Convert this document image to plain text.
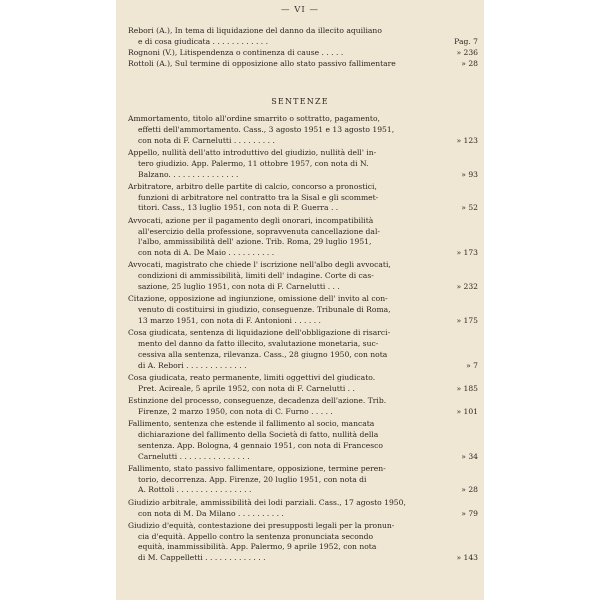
— VI —
Rebori (A.), In tema di liquidazione del danno da illecito aquiliano
e di cosa giudicata . . . . . . . . . . . .	Pag. 7
Rognoni (V.), Litispendenza o continenza di cause . . . . .	» 236
Rottoli (A.), Sul termine di opposizione allo stato passivo fallimentare	» 28
SENTENZE
Ammortamento, titolo all'ordine smarrito o sottratto, pagamento,
effetti dell'ammortamento. Cass., 3 agosto 1951 e 13 agosto 1951,
con nota di F. Carnelutti . . . . . . . . .	» 123
Appello, nullità dell'atto introduttivo del giudizio, nullità dell' in-
tero giudizio. App. Palermo, 11 ottobre 1957, con nota di N.
Balzano. . . . . . . . . . . . . . .	» 93
Arbitratore, arbitro delle partite di calcio, concorso a pronostici,
funzioni di arbitratore nel contratto tra la Sisal e gli scommet-
titori. Cass., 13 luglio 1951, con nota di P. Guerra . .	» 52
Avvocati, azione per il pagamento degli onorari, incompatibilità
all'esercizio della professione, sopravvenuta cancellazione dal-
l'albo, ammissibilità dell' azione. Trib. Roma, 29 luglio 1951,
con nota di A. De Maio . . . . . . . . . .	» 173
Avvocati, magistrato che chiede l' iscrizione nell'albo degli avvocati,
condizioni di ammissibilità, limiti dell' indagine. Corte di cas-
sazione, 25 luglio 1951, con nota di F. Carnelutti . . .	» 232
Citazione, opposizione ad ingiunzione, omissione dell' invito al con-
venuto di costituirsi in giudizio, conseguenze. Tribunale di Roma,
13 marzo 1951, con nota di F. Antonioni . . . . . .	» 175
Cosa giudicata, sentenza di liquidazione dell'obbligazione di risarci-
mento del danno da fatto illecito, svalutazione monetaria, suc-
cessiva alla sentenza, rilevanza. Cass., 28 giugno 1950, con nota
di A. Rebori . . . . . . . . . . . . .	» 7
Cosa giudicata, reato permanente, limiti oggettivi del giudicato.
Pret. Acireale, 5 aprile 1952, con nota di F. Carnelutti . .	» 185
Estinzione del processo, conseguenze, decadenza dell'azione. Trib.
Firenze, 2 marzo 1950, con nota di C. Furno . . . . .	» 101
Fallimento, sentenza che estende il fallimento al socio, mancata
dichiarazione del fallimento della Società di fatto, nullità della
sentenza. App. Bologna, 4 gennaio 1951, con nota di Francesco
Carnelutti . . . . . . . . . . . . . . .	» 34
Fallimento, stato passivo fallimentare, opposizione, termine peren-
torio, decorrenza. App. Firenze, 20 luglio 1951, con nota di
A. Rottoli . . . . . . . . . . . . . . . .	» 28
Giudizio arbitrale, ammissibilità dei lodi parziali. Cass., 17 agosto 1950,
con nota di M. Da Milano . . . . . . . . . .	» 79
Giudizio d'equità, contestazione dei presupposti legali per la pronun-
cia d'equità. Appello contro la sentenza pronunciata secondo
equità, inammissibilità. App. Palermo, 9 aprile 1952, con nota
di M. Cappelletti . . . . . . . . . . . . .	» 143
